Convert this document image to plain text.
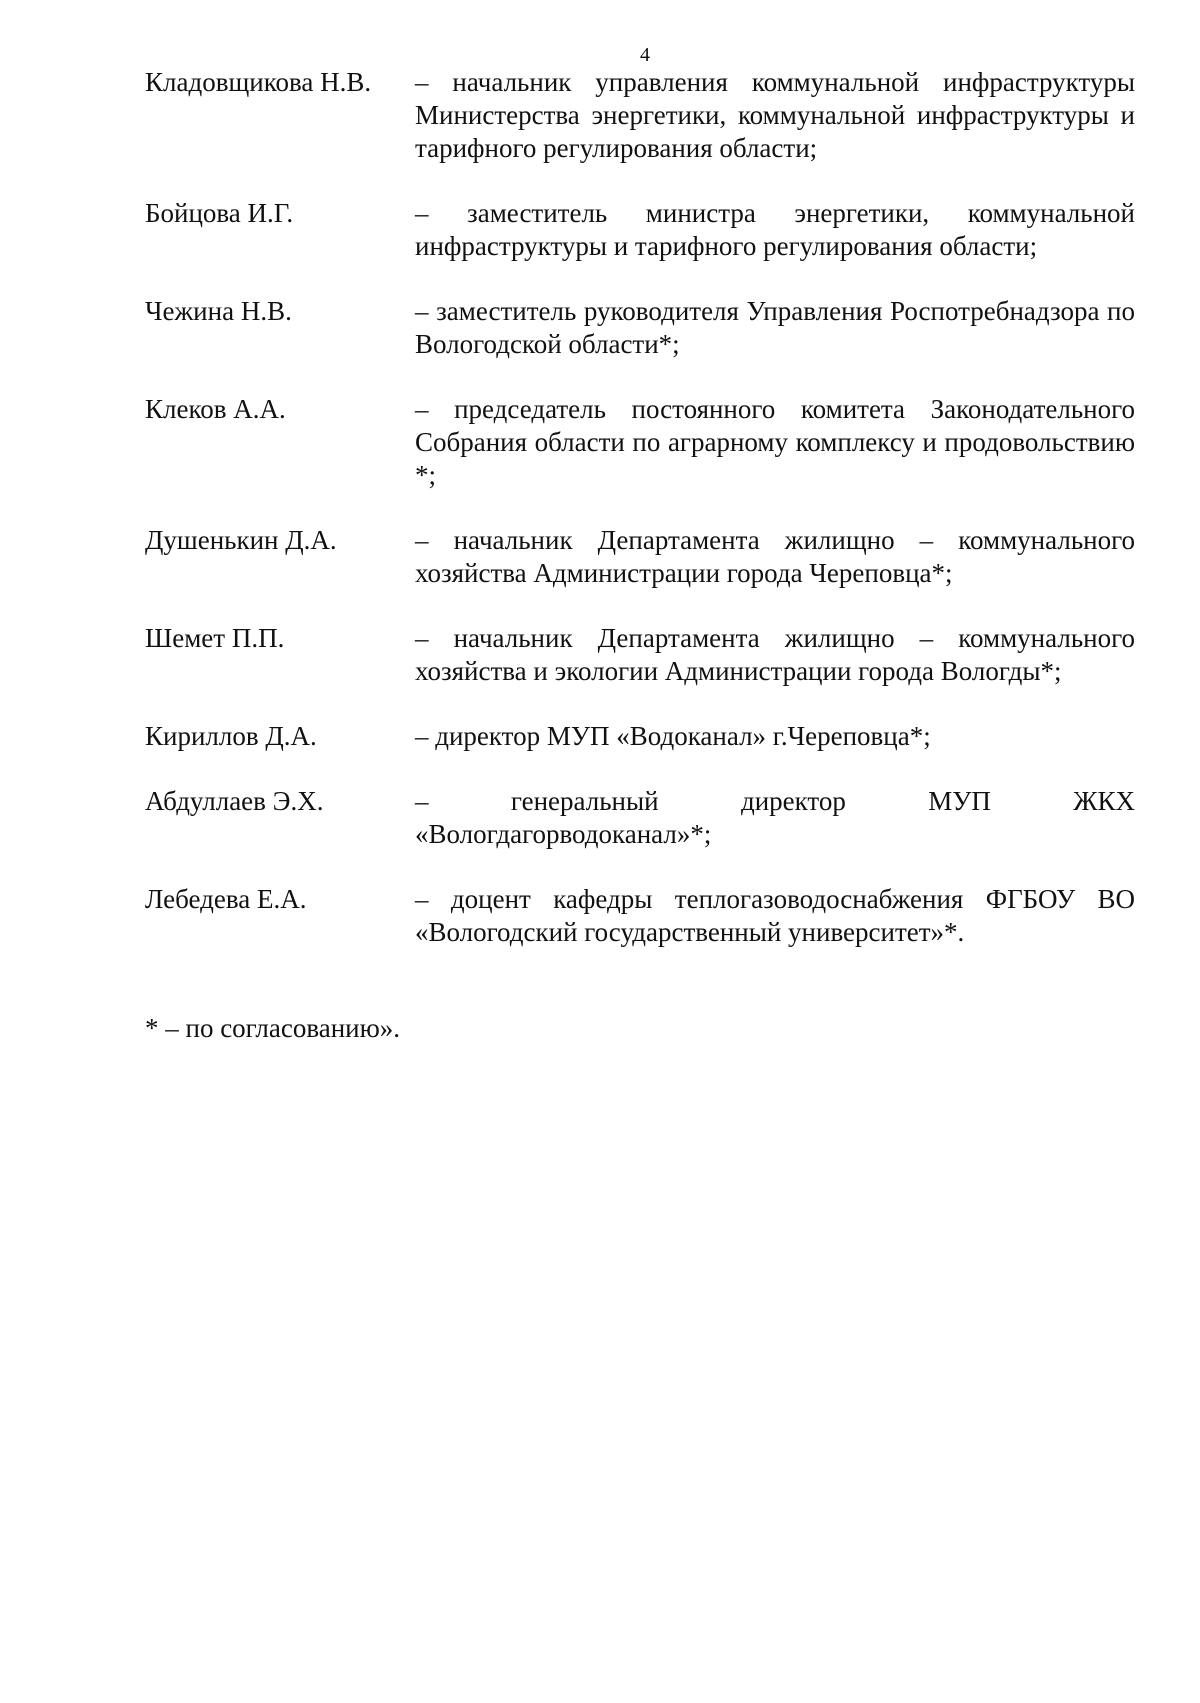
4
Кладовщикова Н.В.	– начальник управления коммунальной инфраструктуры Министерства энергетики, коммунальной инфраструктуры и тарифного регулирования области;
Бойцова И.Г.	– заместитель министра энергетики, коммунальной инфраструктуры и тарифного регулирования области;
Чежина Н.В.	– заместитель руководителя Управления Роспотребнадзора по Вологодской области*;
Клеков А.А.	– председатель постоянного комитета Законодательного Собрания области по аграрному комплексу и продовольствию *;
Душенькин Д.А.	– начальник Департамента жилищно – коммунального хозяйства Администрации города Череповца*;
Шемет П.П.	– начальник Департамента жилищно – коммунального хозяйства и экологии Администрации города Вологды*;
Кириллов Д.А.	– директор МУП «Водоканал» г.Череповца*;
Абдуллаев Э.Х.	– генеральный директор МУП ЖКХ «Вологдагорводоканал»*;
Лебедева Е.А.	– доцент кафедры теплогазоводоснабжения ФГБОУ ВО «Вологодский государственный университет»*.
* – по согласованию».
